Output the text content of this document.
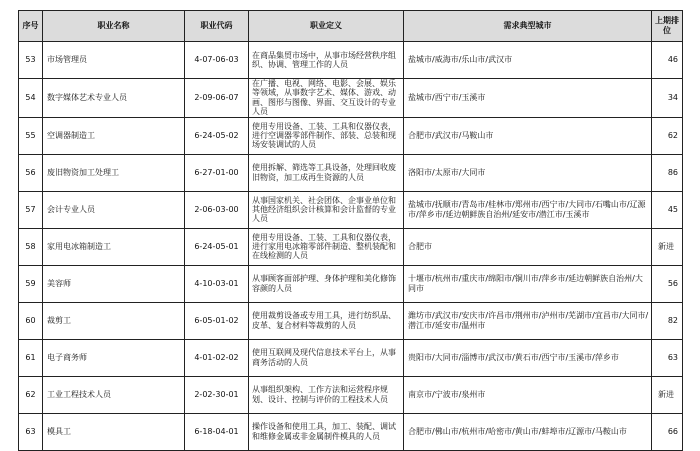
序号	职业名称	职业代码	职业定义	需求典型城市	上期排位
53	市场管理员	4-07-06-03	在商品集贸市场中，从事市场经营秩序组织、协调、管理工作的人员	盐城市/威海市/乐山市/武汉市	46
54	数字媒体艺术专业人员	2-09-06-07	在广播、电视、网络、电影、会展、娱乐等领域，从事数字艺术、媒体、游戏、动画、图形与图像、界面、交互设计的专业人员	盐城市/西宁市/玉溪市	34
55	空调器制造工	6-24-05-02	使用专用设备、工装、工具和仪器仪表，进行空调器零部件制作、部装、总装和现场安装调试的人员	合肥市/武汉市/马鞍山市	62
56	废旧物资加工处理工	6-27-01-00	使用拆解、筛选等工具设备，处理回收废旧物资，加工成再生资源的人员	洛阳市/太原市/大同市	86
57	会计专业人员	2-06-03-00	从事国家机关、社会团体、企事业单位和其他经济组织会计核算和会计监督的专业人员	盐城市/抚顺市/青岛市/桂林市/郑州市/西宁市/大同市/石嘴山市/辽源市/萍乡市/延边朝鲜族自治州/延安市/潜江市/玉溪市	45
58	家用电冰箱制造工	6-24-05-01	使用专用设备、工装、工具和仪器仪表，进行家用电冰箱零部件制造、整机装配和在线检测的人员	合肥市	新进
59	美容师	4-10-03-01	从事顾客面部护理、身体护理和美化修饰容颜的人员	十堰市/杭州市/重庆市/绵阳市/铜川市/萍乡市/延边朝鲜族自治州/大同市	56
60	裁剪工	6-05-01-02	使用裁剪设备或专用工具，进行纺织品、皮革、复合材料等裁剪的人员	潍坊市/武汉市/安庆市/许昌市/荆州市/泸州市/芜湖市/宜昌市/大同市/潜江市/延安市/温州市	82
61	电子商务师	4-01-02-02	使用互联网及现代信息技术平台上，从事商务活动的人员	贵阳市/大同市/淄博市/武汉市/黄石市/西宁市/玉溪市/萍乡市	63
62	工业工程技术人员	2-02-30-01	从事组织架构、工作方法和运营程序规划、设计、控制与评价的工程技术人员	南京市/宁波市/泉州市	新进
63	模具工	6-18-04-01	操作设备和使用工具，加工、装配、调试和维修金属或非金属制件模具的人员	合肥市/佛山市/杭州市/哈密市/黄山市/蚌埠市/辽源市/马鞍山市	66
